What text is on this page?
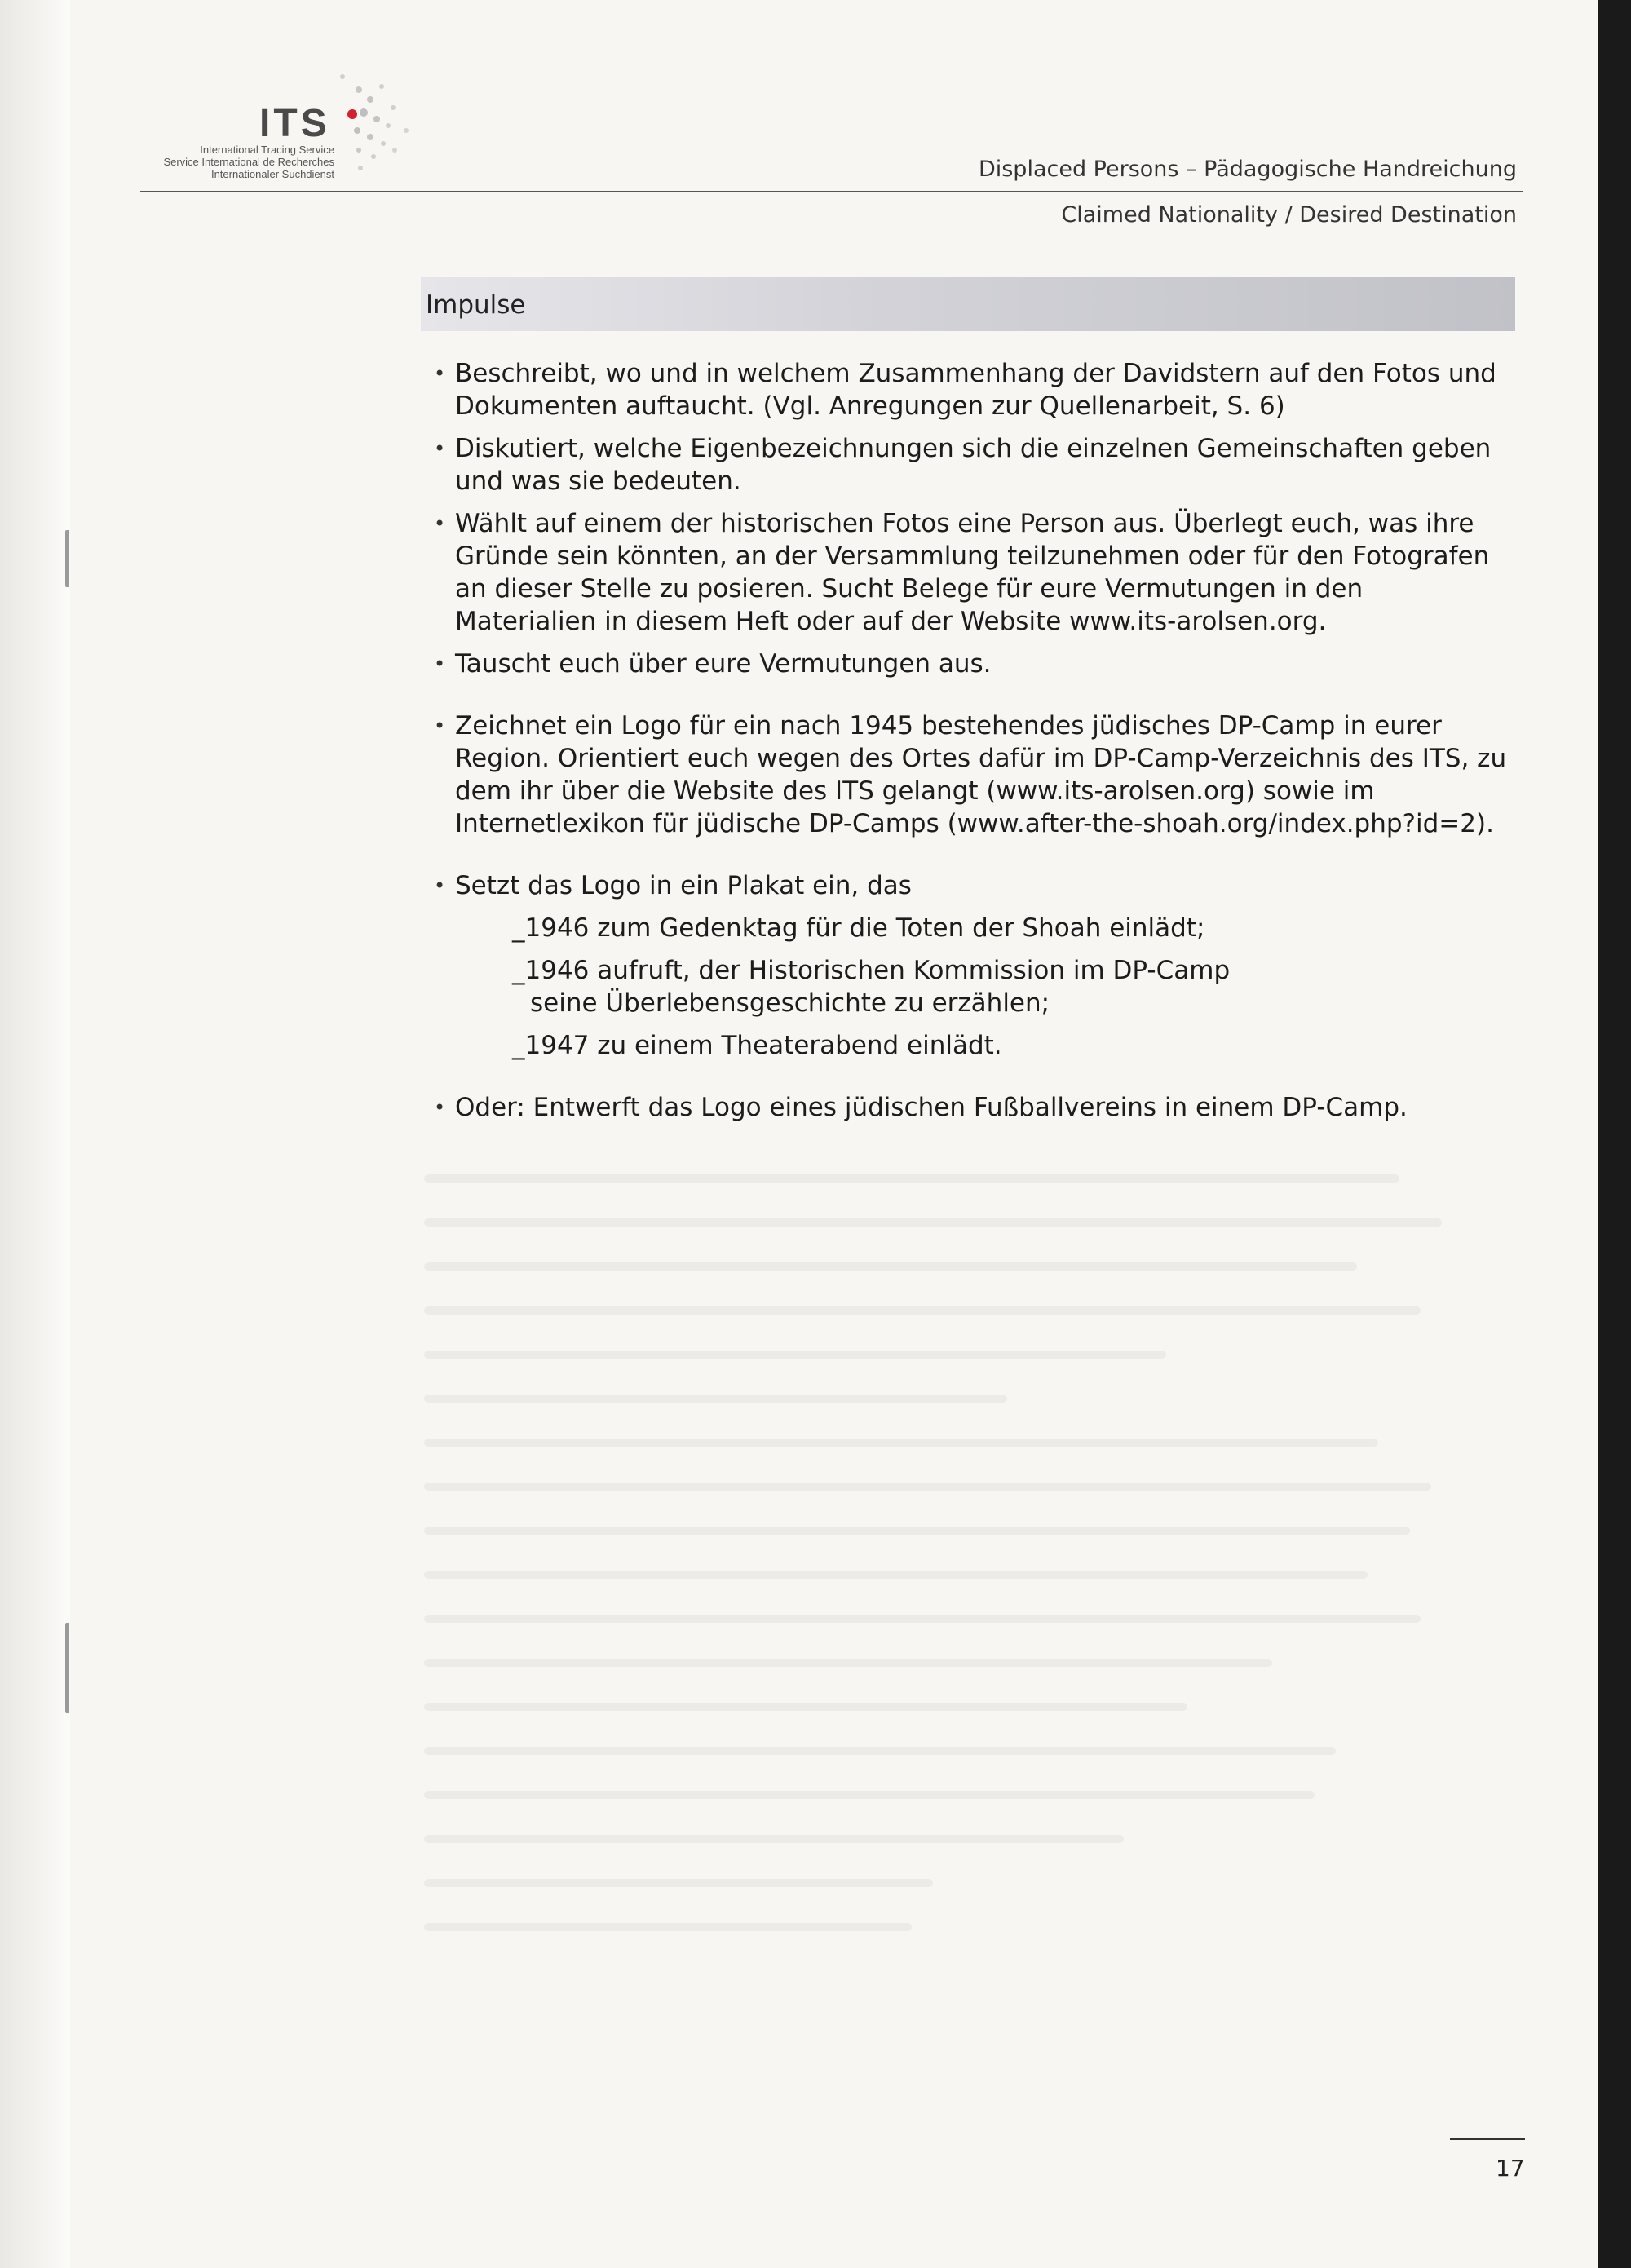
ITS
International Tracing Service
Service International de Recherches
Internationaler Suchdienst	Displaced Persons – Pädagogische Handreichung
Claimed Nationality / Desired Destination
Impulse
• Beschreibt, wo und in welchem Zusammenhang der Davidstern auf den Fotos und Dokumenten auftaucht. (Vgl. Anregungen zur Quellenarbeit, S. 6)
• Diskutiert, welche Eigenbezeichnungen sich die einzelnen Gemeinschaften geben und was sie bedeuten.
• Wählt auf einem der historischen Fotos eine Person aus. Überlegt euch, was ihre Gründe sein könnten, an der Versammlung teilzunehmen oder für den Fotografen an dieser Stelle zu posieren. Sucht Belege für eure Vermutungen in den Materialien in diesem Heft oder auf der Website www.its-arolsen.org.
• Tauscht euch über eure Vermutungen aus.
• Zeichnet ein Logo für ein nach 1945 bestehendes jüdisches DP-Camp in eurer Region. Orientiert euch wegen des Ortes dafür im DP-Camp-Verzeichnis des ITS, zu dem ihr über die Website des ITS gelangt (www.its-arolsen.org) sowie im Internetlexikon für jüdische DP-Camps (www.after-the-shoah.org/index.php?id=2).
• Setzt das Logo in ein Plakat ein, das
_1946 zum Gedenktag für die Toten der Shoah einlädt;
_1946 aufruft, der Historischen Kommission im DP-Camp
seine Überlebensgeschichte zu erzählen;
_1947 zu einem Theaterabend einlädt.
• Oder: Entwerft das Logo eines jüdischen Fußballvereins in einem DP-Camp.
17
